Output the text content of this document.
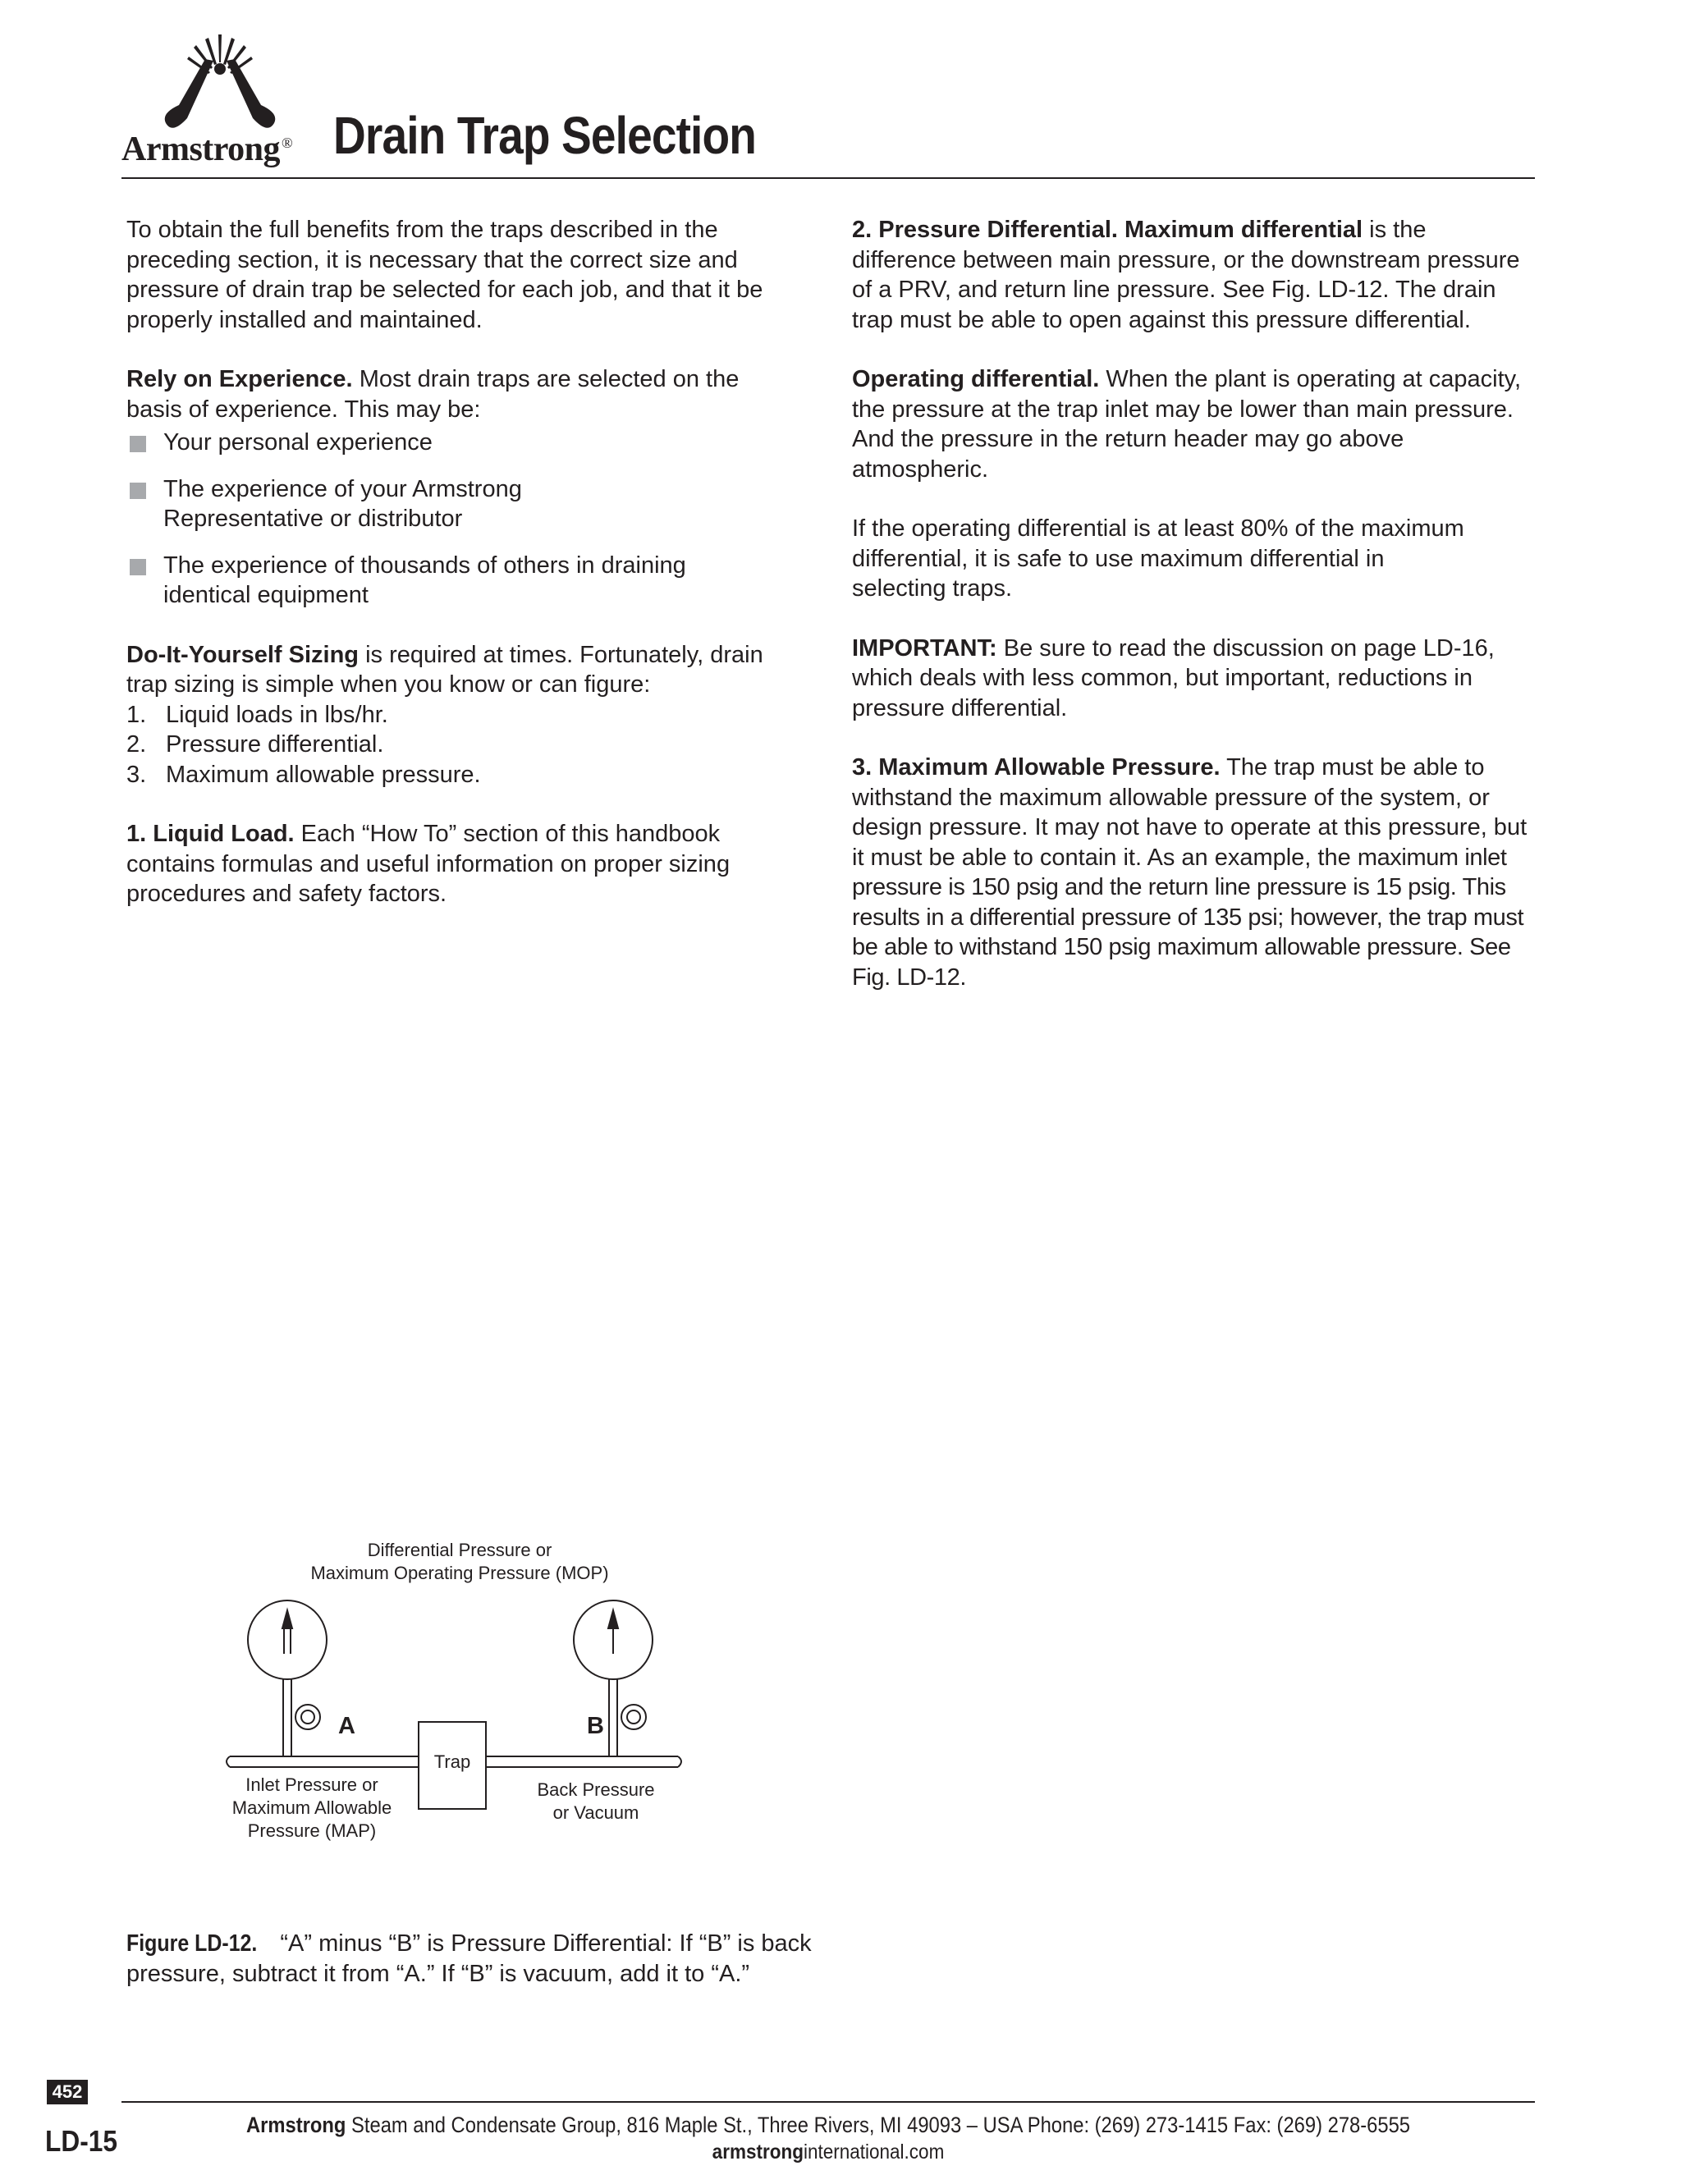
Armstrong ® Drain Trap Selection

To obtain the full benefits from the traps described in the preceding section, it is necessary that the correct size and pressure of drain trap be selected for each job, and that it be properly installed and maintained.

Rely on Experience. Most drain traps are selected on the basis of experience. This may be:

Your personal experience
The experience of your Armstrong Representative or distributor
The experience of thousands of others in draining identical equipment

Do-It-Yourself Sizing is required at times. Fortunately, drain trap sizing is simple when you know or can figure:

1. Liquid loads in lbs/hr.
2. Pressure differential.
3. Maximum allowable pressure.

1. Liquid Load. Each “How To” section of this handbook contains formulas and useful information on proper sizing procedures and safety factors.

2. Pressure Differential. Maximum differential is the difference between main pressure, or the downstream pressure of a PRV, and return line pressure. See Fig. LD-12. The drain trap must be able to open against this pressure differential.

Operating differential. When the plant is operating at capacity, the pressure at the trap inlet may be lower than main pressure. And the pressure in the return header may go above atmospheric.

If the operating differential is at least 80% of the maximum differential, it is safe to use maximum differential in selecting traps.

IMPORTANT: Be sure to read the discussion on page LD-16, which deals with less common, but important, reductions in pressure differential.

3. Maximum Allowable Pressure. The trap must be able to withstand the maximum allowable pressure of the system, or design pressure. It may not have to operate at this pressure, but it must be able to contain it. As an example, the maximum inlet pressure is 150 psig and the return line pressure is 15 psig. This results in a differential pressure of 135 psi; however, the trap must be able to withstand 150 psig maximum allowable pressure. See Fig. LD-12.

Differential Pressure or
Maximum Operating Pressure (MOP)
A	B
Trap
Inlet Pressure or
Maximum Allowable
Pressure (MAP)
Back Pressure
or Vacuum
Figure LD-12. “A” minus “B” is Pressure Differential: If “B” is back pressure, subtract it from “A.” If “B” is vacuum, add it to “A.”
452
LD-15	Armstrong Steam and Condensate Group, 816 Maple St., Three Rivers, MI 49093 – USA Phone: (269) 273-1415 Fax: (269) 278-6555
armstronginternational.com
